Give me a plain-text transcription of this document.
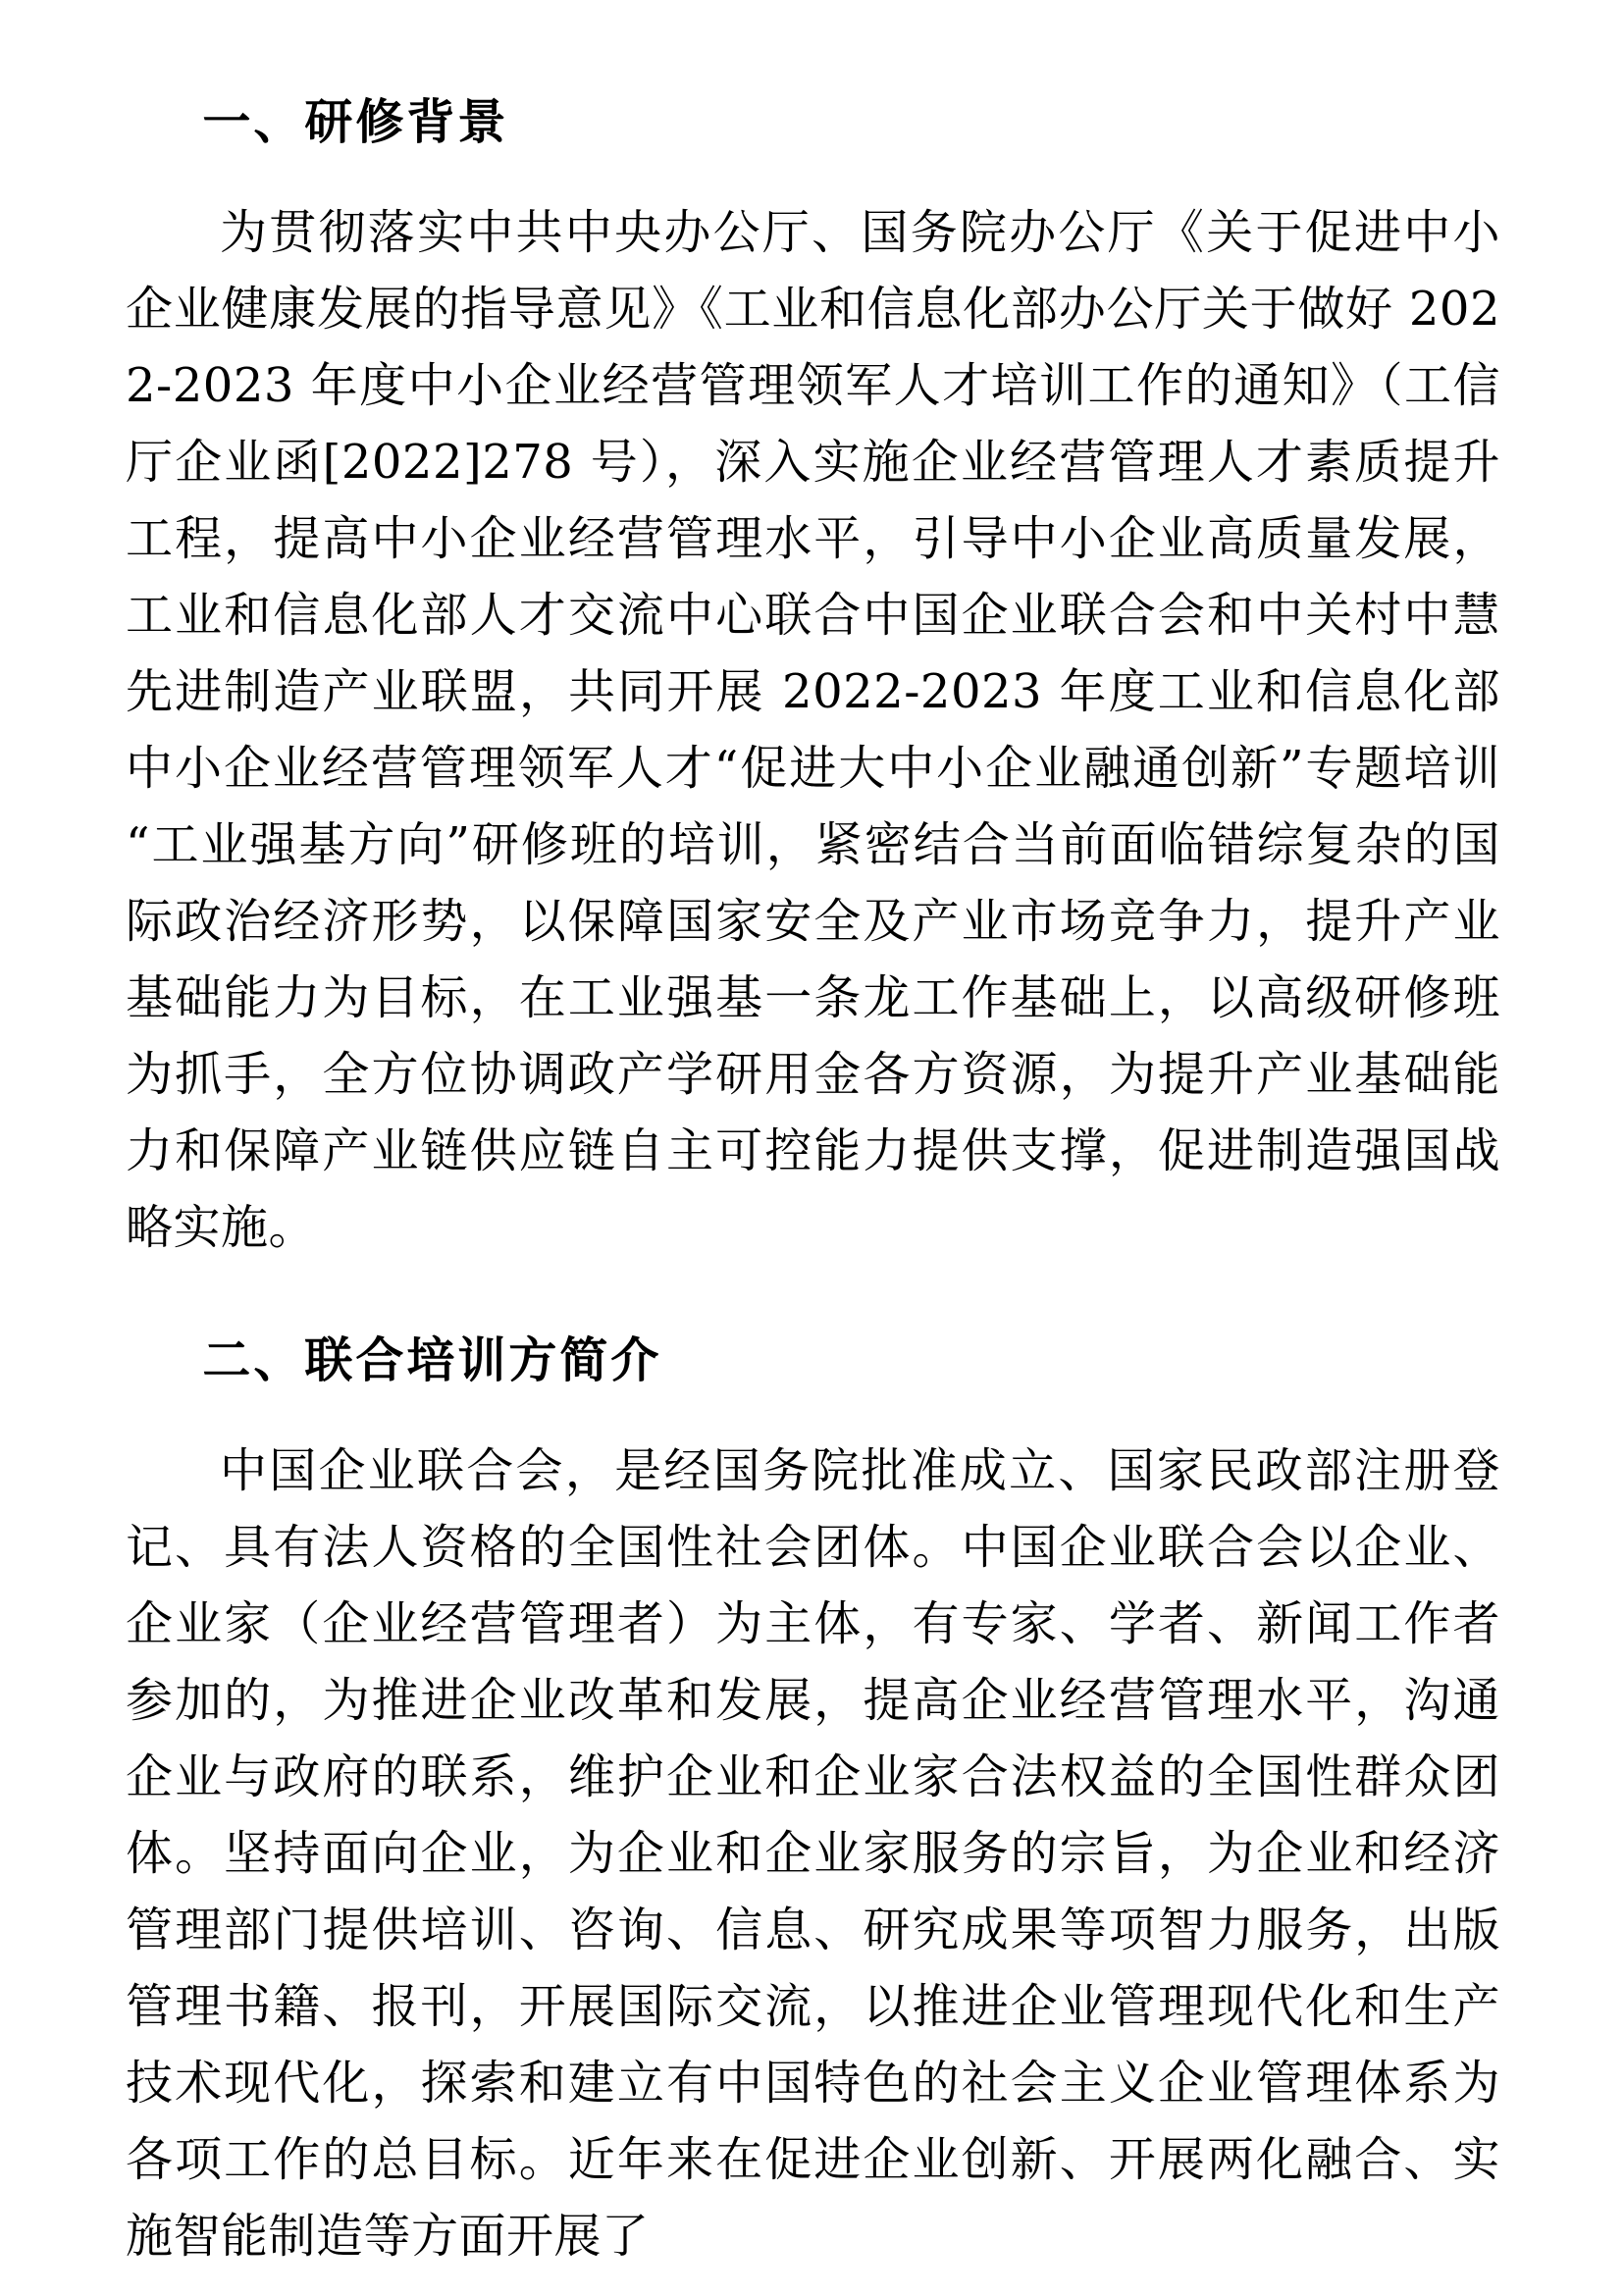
一、研修背景

为贯彻落实中共中央办公厅、国务院办公厅《关于促进中小企业健康发展的指导意见》《工业和信息化部办公厅关于做好 2022-2023 年度中小企业经营管理领军人才培训工作的通知》（工信厅企业函[2022]278 号），深入实施企业经营管理人才素质提升工程，提高中小企业经营管理水平，引导中小企业高质量发展，工业和信息化部人才交流中心联合中国企业联合会和中关村中慧先进制造产业联盟，共同开展 2022-2023 年度工业和信息化部中小企业经营管理领军人才“促进大中小企业融通创新”专题培训“工业强基方向”研修班的培训，紧密结合当前面临错综复杂的国际政治经济形势，以保障国家安全及产业市场竞争力，提升产业基础能力为目标，在工业强基一条龙工作基础上，以高级研修班为抓手，全方位协调政产学研用金各方资源，为提升产业基础能力和保障产业链供应链自主可控能力提供支撑，促进制造强国战略实施。

二、联合培训方简介

中国企业联合会，是经国务院批准成立、国家民政部注册登记、具有法人资格的全国性社会团体。中国企业联合会以企业、企业家（企业经营管理者）为主体，有专家、学者、新闻工作者参加的，为推进企业改革和发展，提高企业经营管理水平，沟通企业与政府的联系，维护企业和企业家合法权益的全国性群众团体。坚持面向企业，为企业和企业家服务的宗旨，为企业和经济管理部门提供培训、咨询、信息、研究成果等项智力服务，出版管理书籍、报刊，开展国际交流，以推进企业管理现代化和生产技术现代化，探索和建立有中国特色的社会主义企业管理体系为各项工作的总目标。近年来在促进企业创新、开展两化融合、实施智能制造等方面开展了
